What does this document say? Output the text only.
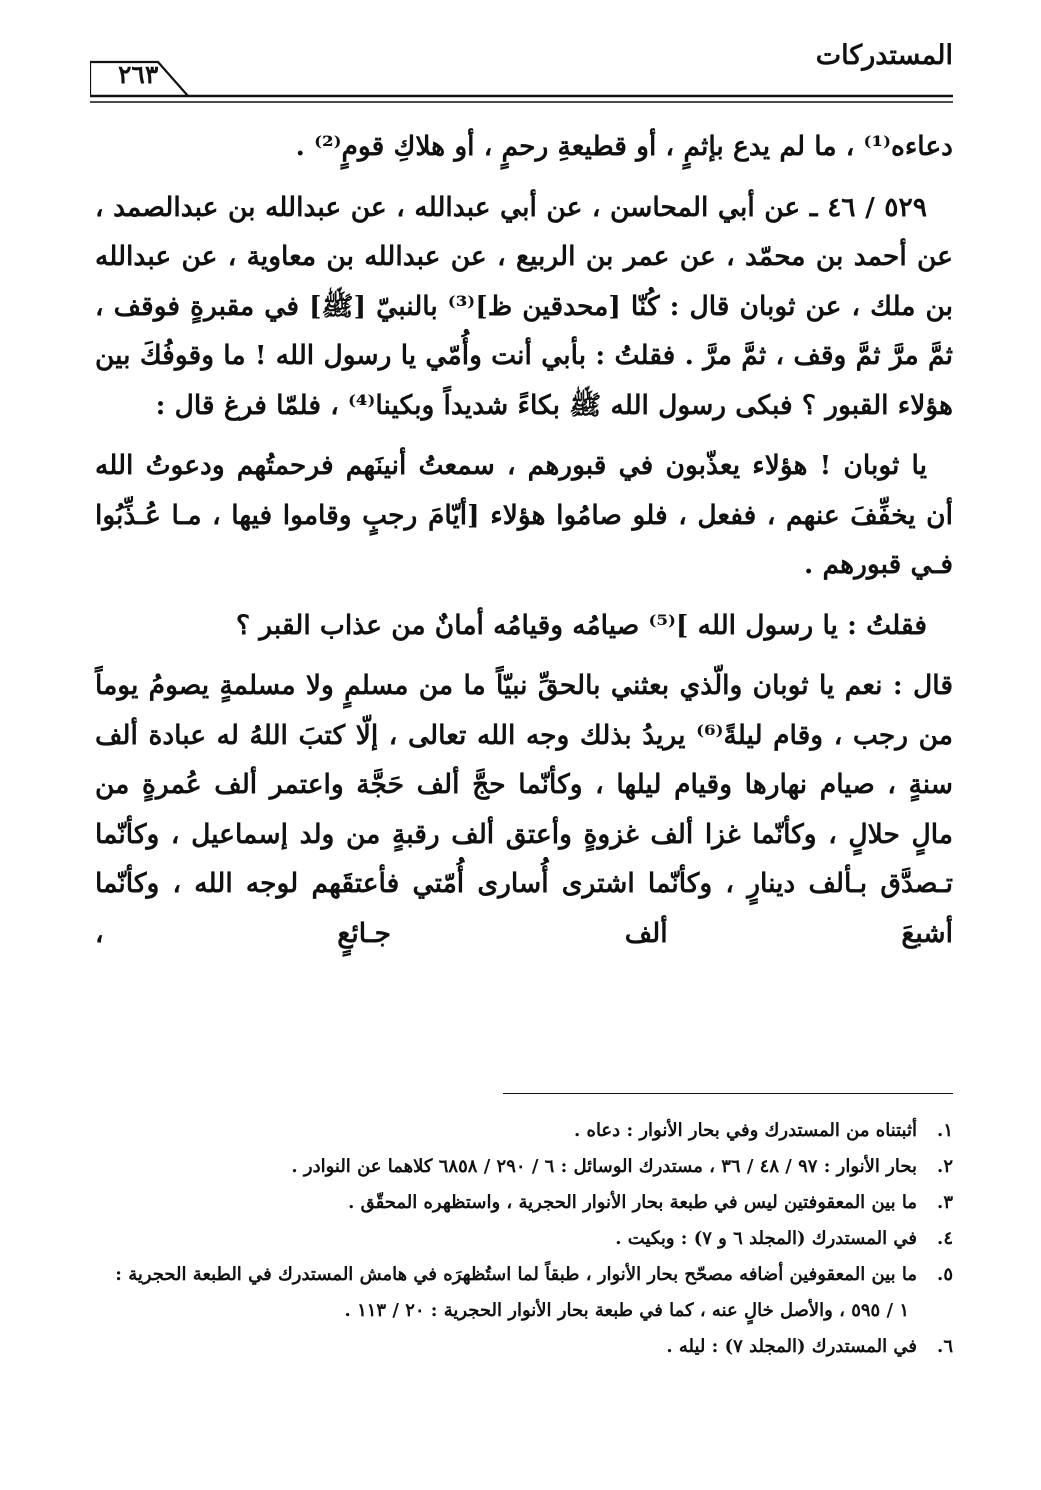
المستدركات
٢٦٣

دعاءه⁽¹⁾ ، ما لم يدع بإثمٍ ، أو قطيعةِ رحمٍ ، أو هلاكِ قومٍ⁽²⁾ .

٥٢٩ / ٤٦ ـ عن أبي المحاسن ، عن أبي عبدالله ، عن عبدالله بن عبدالصمد ، عن أحمد بن محمّد ، عن عمر بن الربيع ، عن عبدالله بن معاوية ، عن عبدالله بن ملك ، عن ثوبان قال : كُنّا [محدقين ظ]⁽³⁾ بالنبيّ [ﷺ] في مقبرةٍ فوقف ، ثمَّ مرَّ ثمَّ وقف ، ثمَّ مرَّ . فقلتُ : بأبي أنت وأُمّي يا رسول الله ! ما وقوفُكَ بين هؤلاء القبور ؟ فبكى رسول الله ﷺ بكاءً شديداً وبكينا⁽⁴⁾ ، فلمّا فرغ قال :

يا ثوبان ! هؤلاء يعذّبون في قبورهم ، سمعتُ أنينَهم فرحمتُهم ودعوتُ الله أن يخفِّفَ عنهم ، ففعل ، فلو صامُوا هؤلاء [أيّامَ رجبٍ وقاموا فيها ، مـا عُـذِّبُوا فـي قبورهم .

فقلتُ : يا رسول الله ]⁽⁵⁾ صيامُه وقيامُه أمانٌ من عذاب القبر ؟

قال : نعم يا ثوبان والّذي بعثني بالحقِّ نبيّاً ما من مسلمٍ ولا مسلمةٍ يصومُ يوماً من رجب ، وقام ليلةً⁽⁶⁾ يريدُ بذلك وجه الله تعالى ، إلّا كتبَ اللهُ له عبادة ألف سنةٍ ، صيام نهارها وقيام ليلها ، وكأنّما حجَّ ألف حَجَّة واعتمر ألف عُمرةٍ من مالٍ حلالٍ ، وكأنّما غزا ألف غزوةٍ وأعتق ألف رقبةٍ من ولد إسماعيل ، وكأنّما تـصدَّق بـألف دينارٍ ، وكأنّما اشترى أُسارى أُمّتي فأعتقَهم لوجه الله ، وكأنّما أشبعَ ألف جـائعٍ ،

١.
أثبتناه من المستدرك وفي بحار الأنوار : دعاه .
٢.
بحار الأنوار : ٩٧ / ٤٨ / ٣٦ ، مستدرك الوسائل : ٦ / ٢٩٠ / ٦٨٥٨ كلاهما عن النوادر .
٣.
ما بين المعقوفتين ليس في طبعة بحار الأنوار الحجرية ، واستظهره المحقّق .
٤.
في المستدرك (المجلد ٦ و ٧) : وبكيت .
٥.
ما بين المعقوفين أضافه مصحّح بحار الأنوار ، طبقاً لما استُظهرَه في هامش المستدرك في الطبعة الحجرية :
١ / ٥٩٥ ، والأصل خالٍ عنه ، كما في طبعة بحار الأنوار الحجرية : ٢٠ / ١١٣ .
٦.
في المستدرك (المجلد ٧) : ليله .
